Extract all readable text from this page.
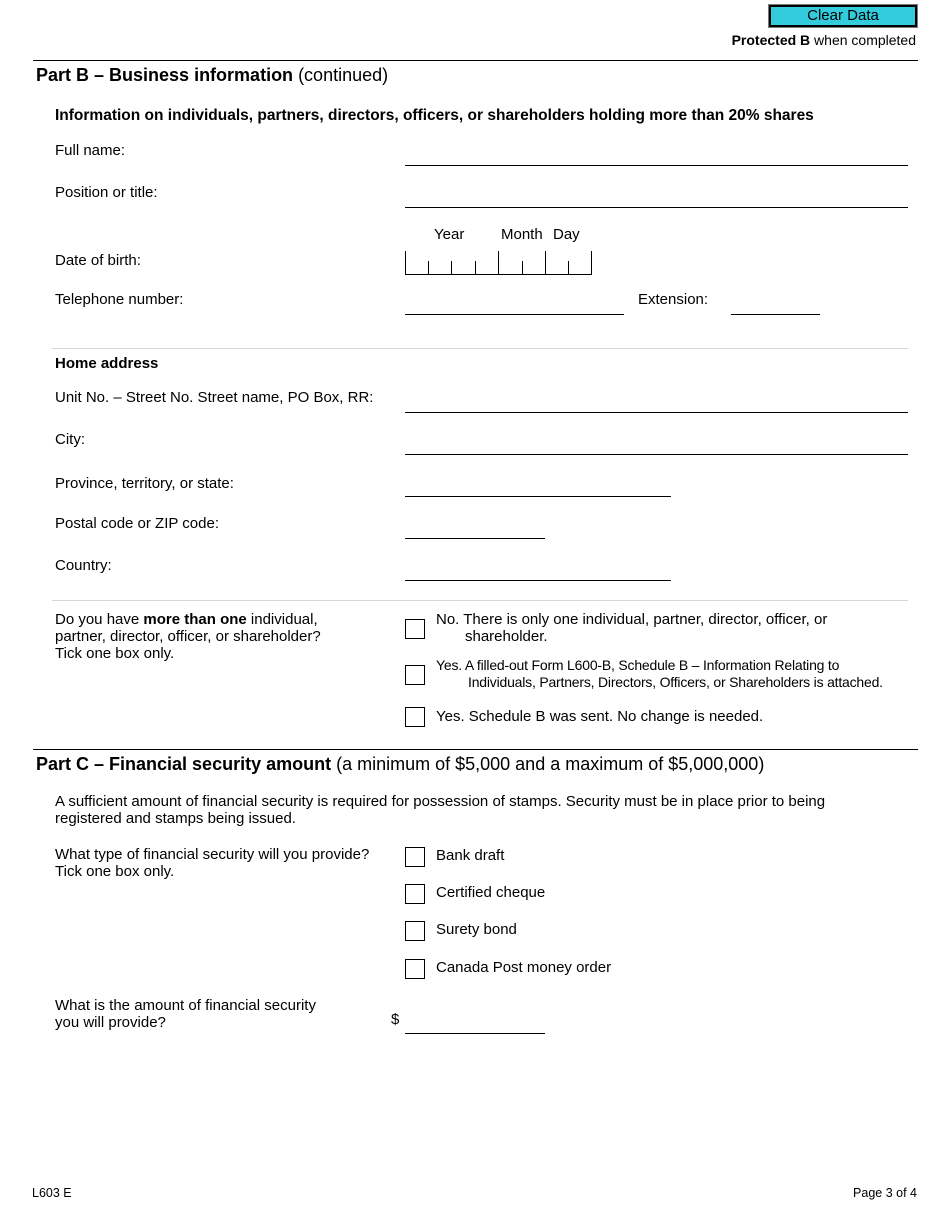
Clear Data
Protected B when completed
Part B – Business information (continued)
Information on individuals, partners, directors, officers, or shareholders holding more than 20% shares
Full name:
Position or title:
Year Month Day
Date of birth:
Telephone number:	Extension:
Home address
Unit No. – Street No. Street name, PO Box, RR:
City:
Province, territory, or state:
Postal code or ZIP code:
Country:
Do you have more than one individual,
partner, director, officer, or shareholder?
Tick one box only.
No. There is only one individual, partner, director, officer, or
shareholder.
Yes. A filled-out Form L600-B, Schedule B – Information Relating to
Individuals, Partners, Directors, Officers, or Shareholders is attached.
Yes. Schedule B was sent. No change is needed.
Part C – Financial security amount (a minimum of $5,000 and a maximum of $5,000,000)
A sufficient amount of financial security is required for possession of stamps. Security must be in place prior to being
registered and stamps being issued.
What type of financial security will you provide?
Tick one box only.
Bank draft
Certified cheque
Surety bond
Canada Post money order
What is the amount of financial security
you will provide?	$
L603 E	Page 3 of 4
